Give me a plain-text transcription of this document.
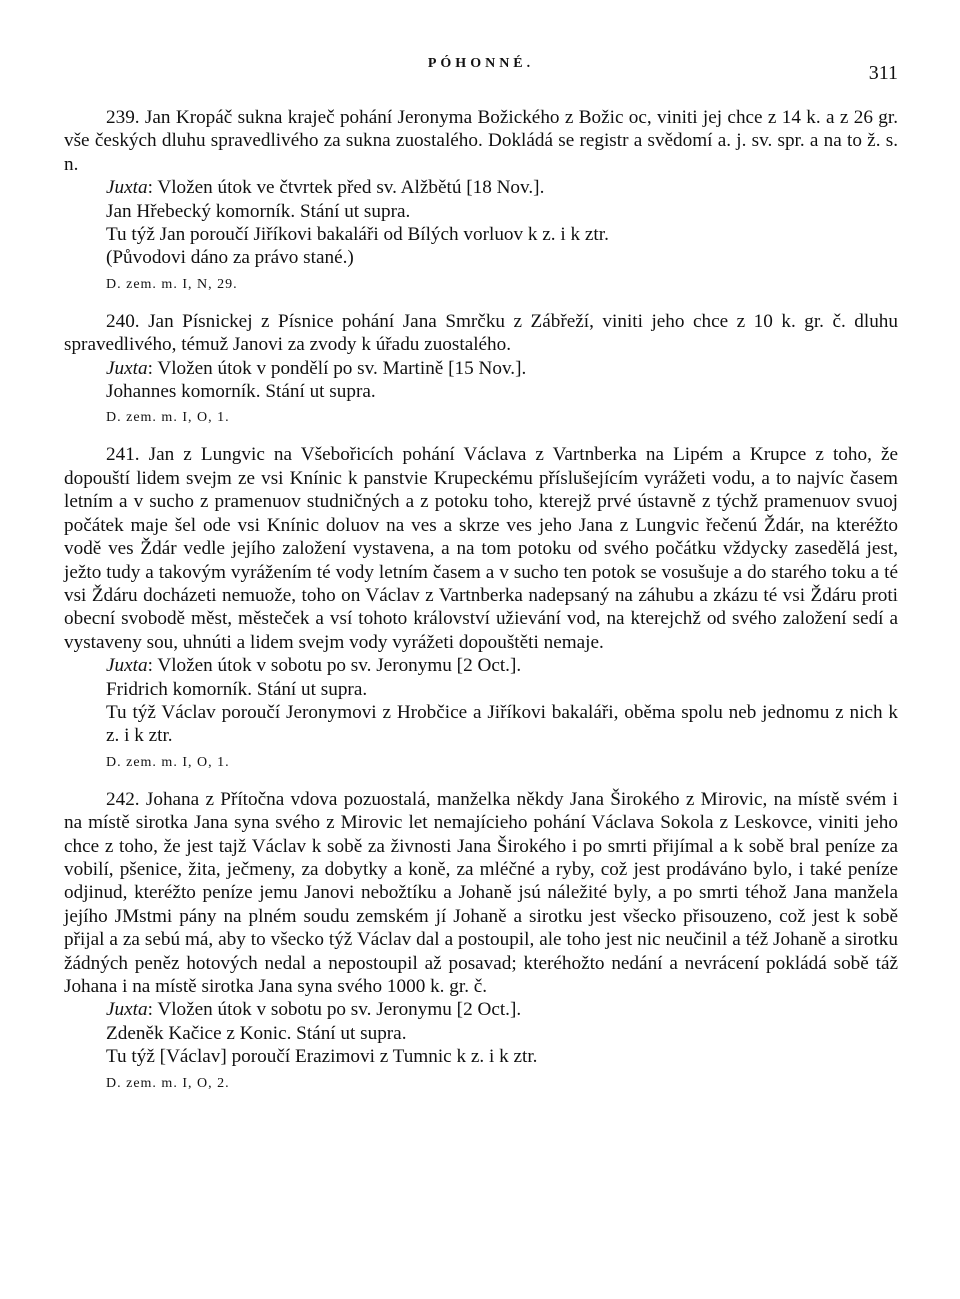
PÓHONNÉ.	311

239. Jan Kropáč sukna kraječ pohání Jeronyma Božického z Božic oc, viniti jej chce z 14 k. a z 26 gr. vše českých dluhu spravedlivého za sukna zuostalého. Dokládá se registr a svědomí a. j. sv. spr. a na to ž. s. n.

Juxta: Vložen útok ve čtvrtek před sv. Alžbětú [18 Nov.].

Jan Hřebecký komorník. Stání ut supra.

Tu týž Jan poroučí Jiříkovi bakaláři od Bílých vorluov k z. i k ztr.

(Původovi dáno za právo stané.)

D. zem. m. I, N, 29.

240. Jan Písnickej z Písnice pohání Jana Smrčku z Zábřeží, viniti jeho chce z 10 k. gr. č. dluhu spravedlivého, témuž Janovi za zvody k úřadu zuostalého.

Juxta: Vložen útok v pondělí po sv. Martině [15 Nov.].

Johannes komorník. Stání ut supra.

D. zem. m. I, O, 1.

241. Jan z Lungvic na Všebořicích pohání Václava z Vartnberka na Lipém a Krupce z toho, že dopouští lidem svejm ze vsi Knínic k panstvie Krupeckému příslušejícím vyrážeti vodu, a to najvíc časem letním a v sucho z pramenuov studničných a z potoku toho, kterejž prvé ústavně z týchž pramenuov svuoj počátek maje šel ode vsi Knínic doluov na ves a skrze ves jeho Jana z Lungvic řečenú Ždár, na kteréžto vodě ves Ždár vedle jejího založení vystavena, a na tom potoku od svého počátku vždycky zasedělá jest, ježto tudy a takovým vyrážením té vody letním časem a v sucho ten potok se vosušuje a do starého toku a té vsi Ždáru docházeti nemuože, toho on Václav z Vartnberka nadepsaný na záhubu a zkázu té vsi Ždáru proti obecní svobodě měst, městeček a vsí tohoto království užievání vod, na kterejchž od svého založení sedí a vystaveny sou, uhnúti a lidem svejm vody vyrážeti dopouštěti nemaje.

Juxta: Vložen útok v sobotu po sv. Jeronymu [2 Oct.].

Fridrich komorník. Stání ut supra.

Tu týž Václav poroučí Jeronymovi z Hrobčice a Jiříkovi bakaláři, oběma spolu neb jednomu z nich k z. i k ztr.

D. zem. m. I, O, 1.

242. Johana z Přítočna vdova pozuostalá, manželka někdy Jana Širokého z Mirovic, na místě svém i na místě sirotka Jana syna svého z Mirovic let nemajícieho pohání Václava Sokola z Leskovce, viniti jeho chce z toho, že jest tajž Václav k sobě za živnosti Jana Širokého i po smrti přijímal a k sobě bral peníze za vobilí, pšenice, žita, ječmeny, za dobytky a koně, za mléčné a ryby, což jest prodáváno bylo, i také peníze odjinud, kteréžto peníze jemu Janovi nebožtíku a Johaně jsú náležité byly, a po smrti téhož Jana manžela jejího JMstmi pány na plném soudu zemském jí Johaně a sirotku jest všecko přisouzeno, což jest k sobě přijal a za sebú má, aby to všecko týž Václav dal a postoupil, ale toho jest nic neučinil a též Johaně a sirotku žádných peněz hotových nedal a nepostoupil až posavad; kteréhožto nedání a nevrácení pokládá sobě táž Johana i na místě sirotka Jana syna svého 1000 k. gr. č.

Juxta: Vložen útok v sobotu po sv. Jeronymu [2 Oct.].

Zdeněk Kačice z Konic. Stání ut supra.

Tu týž [Václav] poroučí Erazimovi z Tumnic k z. i k ztr.

D. zem. m. I, O, 2.
